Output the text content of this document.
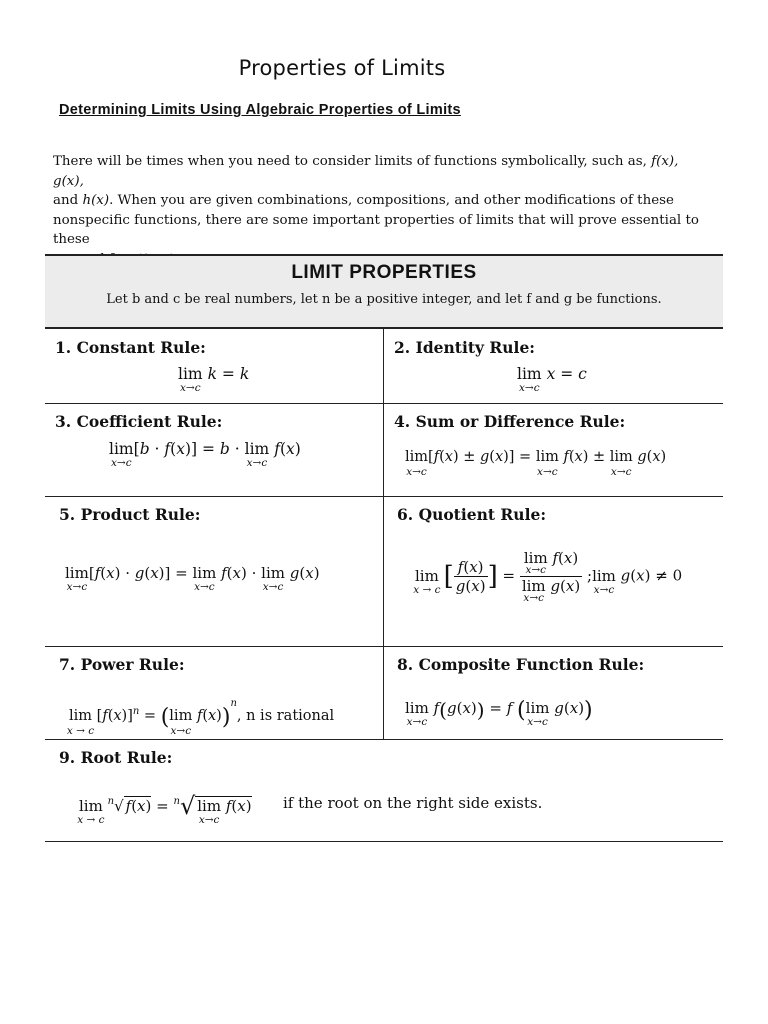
Properties of Limits
Determining Limits Using Algebraic Properties of Limits
There will be times when you need to consider limits of functions symbolically, such as, f(x), g(x),
and h(x). When you are given combinations, compositions, and other modifications of these
nonspecific functions, there are some important properties of limits that will prove essential to these

LIMIT PROPERTIES
Let b and c be real numbers, let n be a positive integer, and let f and g be functions.
1. Constant Rule:
lim
x→c
k = k
2. Identity Rule:
lim
x→c
x = c
3. Coefficient Rule:
lim
x→c
[b · f(x)] = b · lim
x→c
f(x)
4. Sum or Difference Rule:
lim
x→c
[f(x) ± g(x)] = lim
x→c
f(x) ± lim
x→c
g(x)
5. Product Rule:
lim
x→c
[f(x) · g(x)] = lim
x→c
f(x) · lim
x→c
g(x)
6. Quotient Rule:
lim
x → c [ $\frac{f(x)}{g(x)}$ ] = lim
x→c
f(x)
lim
x→c
g(x) ;lim
x→c
g(x) ≠ 0
7. Power Rule:
lim
x → c
$[f(x)]^n = (\lim$
x→c
f(x))$^n$, n is rational
8. Composite Function Rule:
lim
x→c
f(g(x)) = f (lim
x→c
g(x))
9. Root Rule:
lim
x → c
$^n$√ f(x) = $^n$√ lim
x→c
f(x) if the root on the right side exists.
